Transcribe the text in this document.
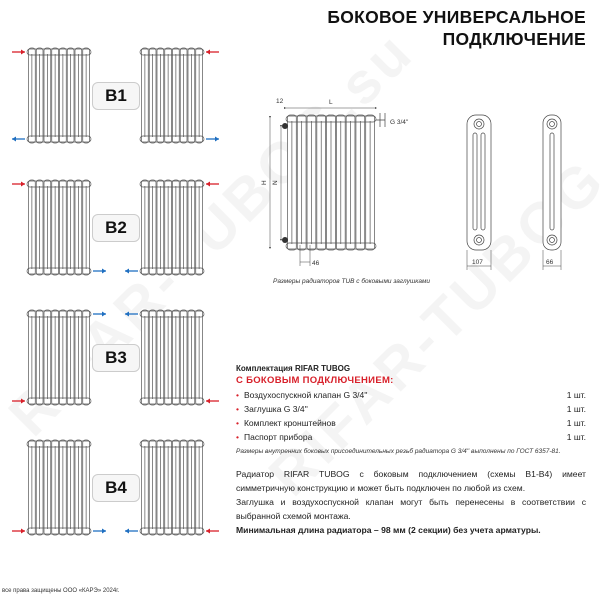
БОКОВОЕ УНИВЕРСАЛЬНОЕ
ПОДКЛЮЧЕНИЕ
B1
B2
B3
B4
12	L
G 3/4''
H N
46	107	66
Размеры радиаторов TUB с боковыми заглушками
Комплектация RIFAR TUBOG
С БОКОВЫМ ПОДКЛЮЧЕНИЕМ:
• Воздухоспускной клапан G 3/4''	1 шт.
• Заглушка G 3/4''	1 шт.
• Комплект кронштейнов	1 шт.
• Паспорт прибора	1 шт.
Размеры внутренних боковых присоединительных резьб радиатора G 3/4'' выполнены по ГОСТ 6357-81.

Радиатор RIFAR TUBOG с боковым подключением (схемы В1-В4) имеет симметричную конструкцию и может быть подключен по любой из схем.

Заглушка и воздухоспускной клапан могут быть перенесены в соответствии с выбранной схемой монтажа.

Минимальная длина радиатора – 98 мм (2 секции) без учета арматуры.

все права защищены ООО «КАРЭ» 2024г.
